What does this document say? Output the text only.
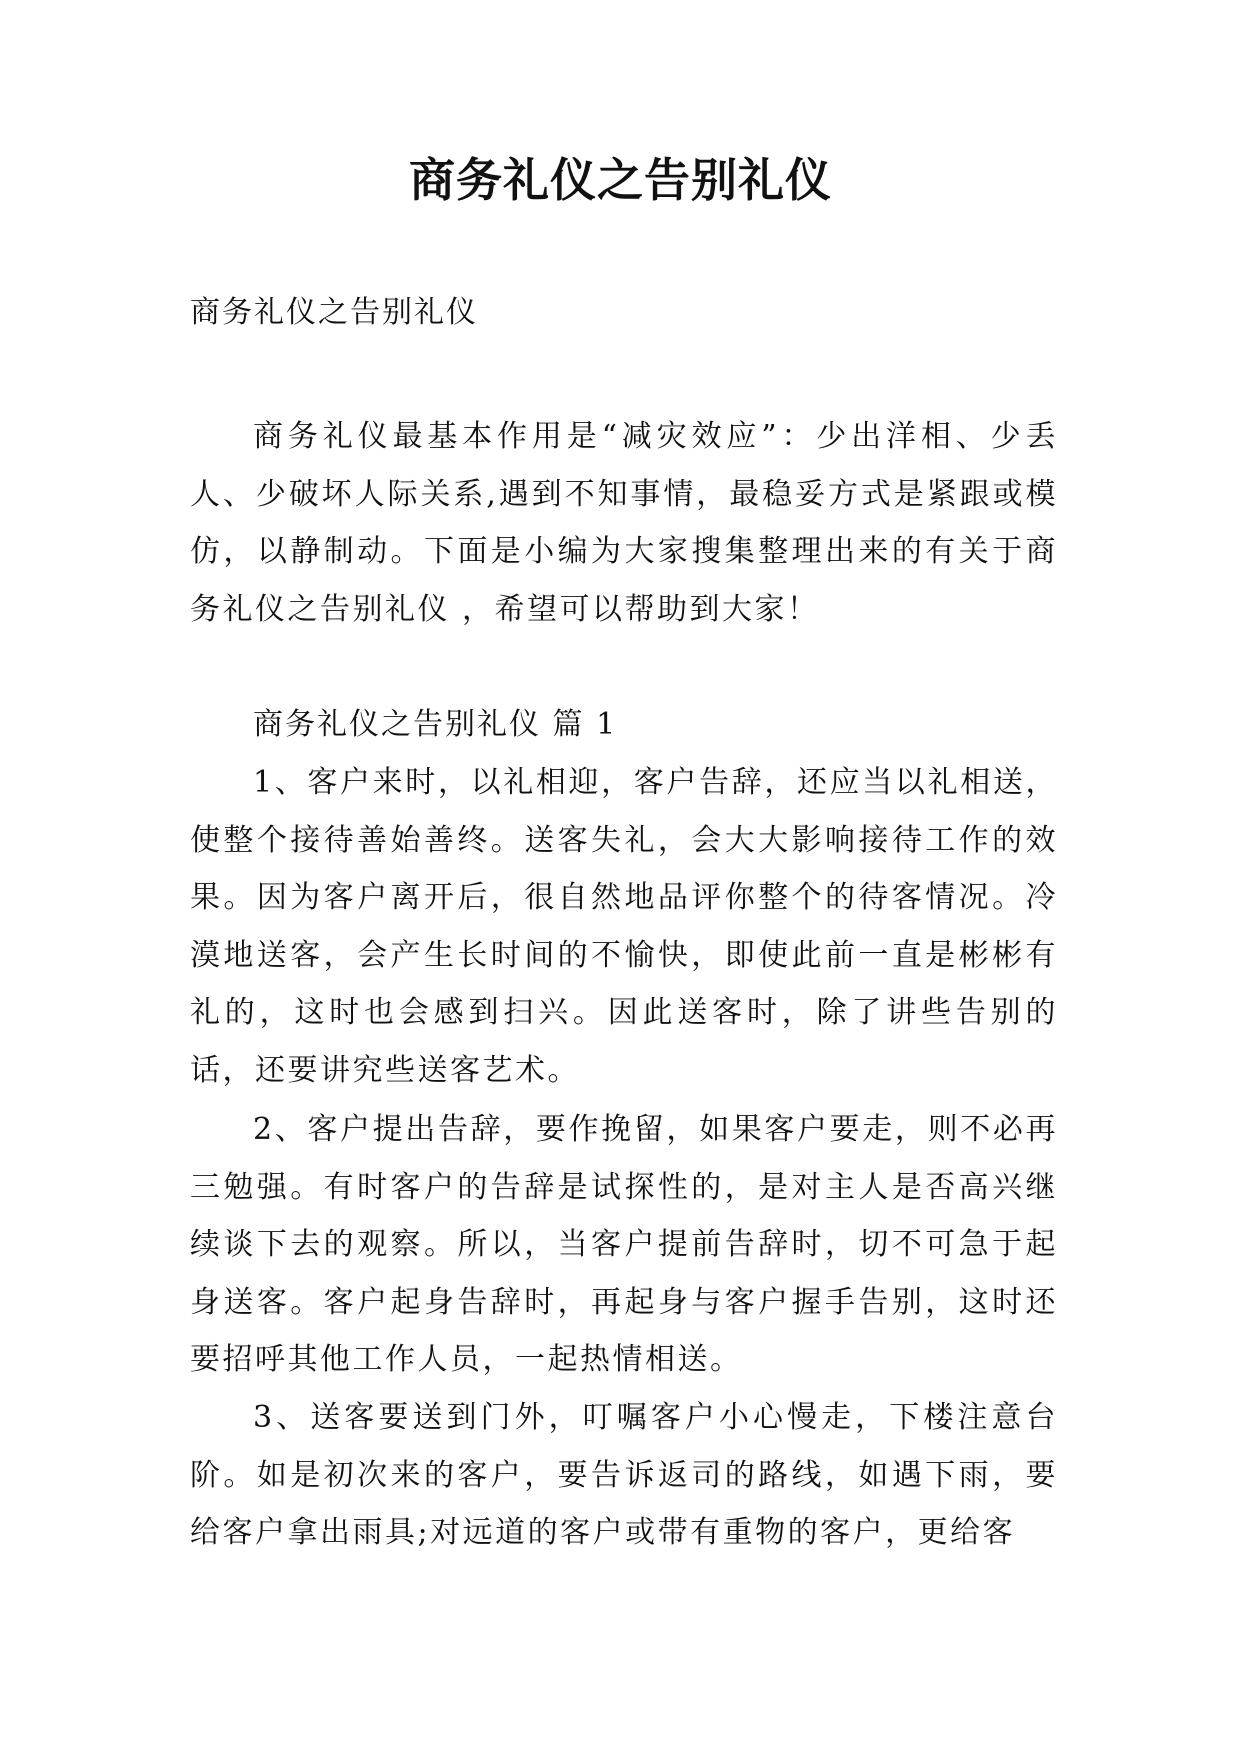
商务礼仪之告别礼仪

商务礼仪之告别礼仪

商务礼仪最基本作用是“减灾效应”：少出洋相、少丢人、少破坏人际关系,遇到不知事情，最稳妥方式是紧跟或模仿，以静制动。下面是小编为大家搜集整理出来的有关于商务礼仪之告别礼仪 ，希望可以帮助到大家！

商务礼仪之告别礼仪 篇 1

1、客户来时，以礼相迎，客户告辞，还应当以礼相送，使整个接待善始善终。送客失礼，会大大影响接待工作的效果。因为客户离开后，很自然地品评你整个的待客情况。冷漠地送客，会产生长时间的不愉快，即使此前一直是彬彬有礼的，这时也会感到扫兴。因此送客时，除了讲些告别的话，还要讲究些送客艺术。

2、客户提出告辞，要作挽留，如果客户要走，则不必再三勉强。有时客户的告辞是试探性的，是对主人是否高兴继续谈下去的观察。所以，当客户提前告辞时，切不可急于起身送客。客户起身告辞时，再起身与客户握手告别，这时还要招呼其他工作人员，一起热情相送。

3、送客要送到门外，叮嘱客户小心慢走，下楼注意台阶。如是初次来的客户，要告诉返司的路线，如遇下雨，要给客户拿出雨具;对远道的客户或带有重物的客户，更给客
